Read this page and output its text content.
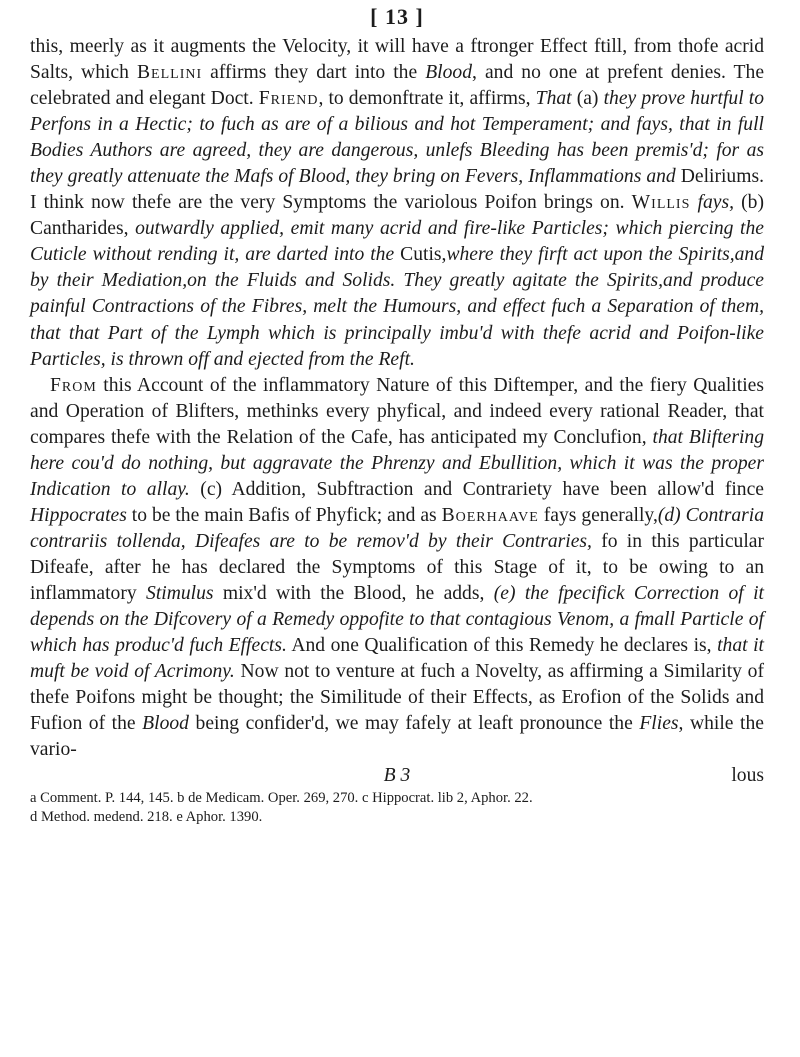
[ 13 ]

this, meerly as it augments the Velocity, it will have a ftronger Effect ftill, from thofe acrid Salts, which Bellini affirms they dart into the Blood, and no one at prefent denies. The celebrated and elegant Doct. Friend, to demonftrate it, affirms, That (a) they prove hurtful to Perfons in a Hectic; to fuch as are of a bilious and hot Temperament; and fays, that in full Bodies Authors are agreed, they are dangerous, unlefs Bleeding has been premis'd; for as they greatly attenuate the Mafs of Blood, they bring on Fevers, Inflammations and Deliriums. I think now thefe are the very Symptoms the variolous Poifon brings on. Willis fays, (b) Cantharides, outwardly applied, emit many acrid and fire-like Particles; which piercing the Cuticle without rending it, are darted into the Cutis,where they firft act upon the Spirits,and by their Mediation,on the Fluids and Solids. They greatly agitate the Spirits,and produce painful Contractions of the Fibres, melt the Humours, and effect fuch a Separation of them, that that Part of the Lymph which is principally imbu'd with thefe acrid and Poifon-like Particles, is thrown off and ejected from the Reft.

From this Account of the inflammatory Nature of this Diftemper, and the fiery Qualities and Operation of Blifters, methinks every phyfical, and indeed every rational Reader, that compares thefe with the Relation of the Cafe, has anticipated my Conclufion, that Bliftering here cou'd do nothing, but aggravate the Phrenzy and Ebullition, which it was the proper Indication to allay. (c) Addition, Subftraction and Contrariety have been allow'd fince Hippocrates to be the main Bafis of Phyfick; and as Boerhaave fays generally,(d) Contraria contrariis tollenda, Difeafes are to be remov'd by their Contraries, fo in this particular Difeafe, after he has declared the Symptoms of this Stage of it, to be owing to an inflammatory Stimulus mix'd with the Blood, he adds, (e) the fpecifick Correction of it depends on the Difcovery of a Remedy oppofite to that contagious Venom, a fmall Particle of which has produc'd fuch Effects. And one Qualification of this Remedy he declares is, that it muft be void of Acrimony. Now not to venture at fuch a Novelty, as affirming a Similarity of thefe Poifons might be thought; the Similitude of their Effects, as Erofion of the Solids and Fufion of the Blood being confider'd, we may fafely at leaft pronounce the Flies, while the vario-

B 3	lous

a Comment. P. 144, 145. b de Medicam. Oper. 269, 270. c Hippocrat. lib 2, Aphor. 22.

d Method. medend. 218. e Aphor. 1390.
